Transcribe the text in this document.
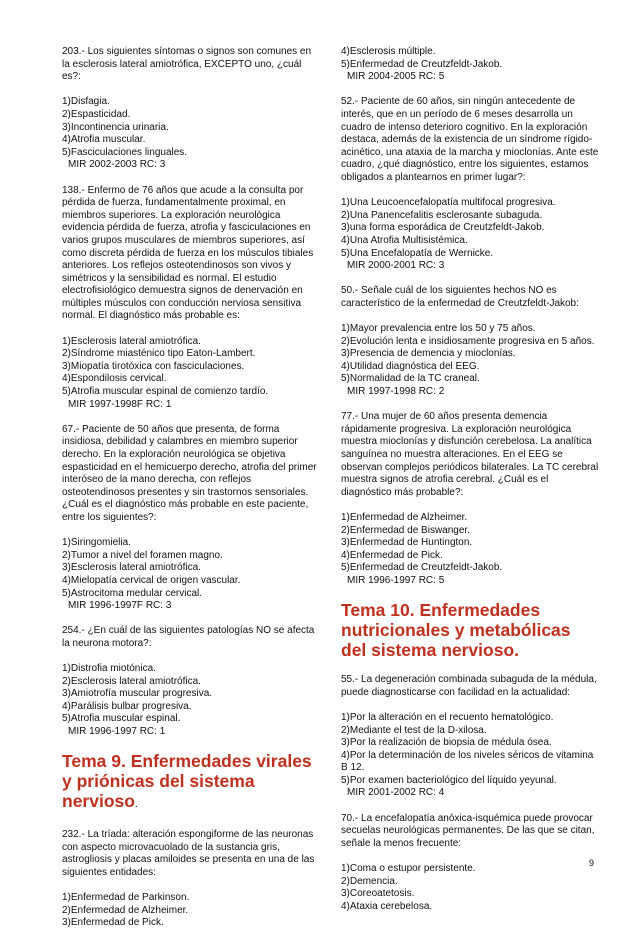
203.- Los siguientes síntomas o signos son comunes en la esclerosis lateral amiotrófica, EXCEPTO uno, ¿cuál es?:

1)Disfagia.
2)Espasticidad.
3)Incontinencia urinaria.
4)Atrofia muscular.
5)Fasciculaciones linguales.
MIR 2002-2003 RC: 3

138.- Enfermo de 76 años que acude a la consulta por pérdida de fuerza, fundamentalmente proximal, en miembros superiores. La exploración neurológica evidencia pérdida de fuerza, atrofia y fasciculaciones en varios grupos musculares de miembros superiores, así como discreta pérdida de fuerza en los músculos tibiales anteriores. Los reflejos osteotendinosos son vivos y simétricos y la sensibilidad es normal. El estudio electrofisiológico demuestra signos de denervación en múltiples músculos con conducción nerviosa sensitiva normal. El diagnóstico más probable es:

1)Esclerosis lateral amiotrófica.
2)Síndrome miasténico tipo Eaton-Lambert.
3)Miopatía tirotóxica con fasciculaciones.
4)Espondilosis cervical.
5)Atrofia muscular espinal de comienzo tardío.
MIR 1997-1998F RC: 1

67.- Paciente de 50 años que presenta, de forma insidiosa, debilidad y calambres en miembro superior derecho. En la exploración neurológica se objetiva espasticidad en el hemicuerpo derecho, atrofia del primer interóseo de la mano derecha, con reflejos osteotendinosos presentes y sin trastornos sensoriales. ¿Cuál es el diagnóstico más probable en este paciente, entre los siguientes?:

1)Siringomielia.
2)Tumor a nivel del foramen magno.
3)Esclerosis lateral amiotrófica.
4)Mielopatía cervical de origen vascular.
5)Astrocitoma medular cervical.
MIR 1996-1997F RC: 3

254.- ¿En cuál de las siguientes patologías NO se afecta la neurona motora?:

1)Distrofia miotónica.
2)Esclerosis lateral amiotrófica.
3)Amiotrofía muscular progresiva.
4)Parálisis bulbar progresiva.
5)Atrofia muscular espinal.
MIR 1996-1997 RC: 1
Tema 9. Enfermedades virales y priónicas del sistema nervioso.

232.- La tríada: alteración espongiforme de las neuronas con aspecto microvacuolado de la sustancia gris, astrogliosis y placas amiloides se presenta en una de las siguientes entidades:

1)Enfermedad de Parkinson.
2)Enfermedad de Alzheimer.
3)Enfermedad de Pick.
4)Esclerosis múltiple.
5)Enfermedad de Creutzfeldt-Jakob.
MIR 2004-2005 RC: 5

52.- Paciente de 60 años, sin ningún antecedente de interés, que en un período de 6 meses desarrolla un cuadro de intenso deterioro cognitivo. En la exploración destaca, además de la existencia de un síndrome rígido-acinético, una ataxia de la marcha y mioclonías. Ante este cuadro, ¿qué diagnóstico, entre los siguientes, estamos obligados a plantearnos en primer lugar?:

1)Una Leucoencefalopatía multifocal progresiva.
2)Una Panencefalitis esclerosante subaguda.
3)una forma esporádica de Creutzfeldt-Jakob.
4)Una Atrofia Multisistémica.
5)Una Encefalopatía de Wernicke.
MIR 2000-2001 RC: 3

50.- Señale cuál de los siguientes hechos NO es característico de la enfermedad de Creutzfeldt-Jakob:

1)Mayor prevalencia entre los 50 y 75 años.
2)Evolución lenta e insidiosamente progresiva en 5 años.
3)Presencia de demencia y mioclonías.
4)Utilidad diagnóstica del EEG.
5)Normalidad de la TC craneal.
MIR 1997-1998 RC: 2

77.- Una mujer de 60 años presenta demencia rápidamente progresiva. La exploración neurológica muestra mioclonías y disfunción cerebelosa. La analítica sanguínea no muestra alteraciones. En el EEG se observan complejos periódicos bilaterales. La TC cerebral muestra signos de atrofia cerebral. ¿Cuál es el diagnóstico más probable?:

1)Enfermedad de Alzheimer.
2)Enfermedad de Biswanger.
3)Enfermedad de Huntington.
4)Enfermedad de Pick.
5)Enfermedad de Creutzfeldt-Jakob.
MIR 1996-1997 RC: 5
Tema 10. Enfermedades nutricionales y metabólicas del sistema nervioso.

55.- La degeneración combinada subaguda de la médula, puede diagnosticarse con facilidad en la actualidad:

1)Por la alteración en el recuento hematológico.
2)Mediante el test de la D-xilosa.
3)Por la realización de biopsia de médula ósea.
4)Por la determinación de los niveles séricos de vitamina B 12.
5)Por examen bacteriológico del líquido yeyunal.
MIR 2001-2002 RC: 4

70.- La encefalopatía anóxica-isquémica puede provocar secuelas neurológicas permanentes. De las que se citan, señale la menos frecuente:

1)Coma o estupor persistente.
2)Demencia.
3)Coreoatetosis.
4)Ataxia cerebelosa.
9
